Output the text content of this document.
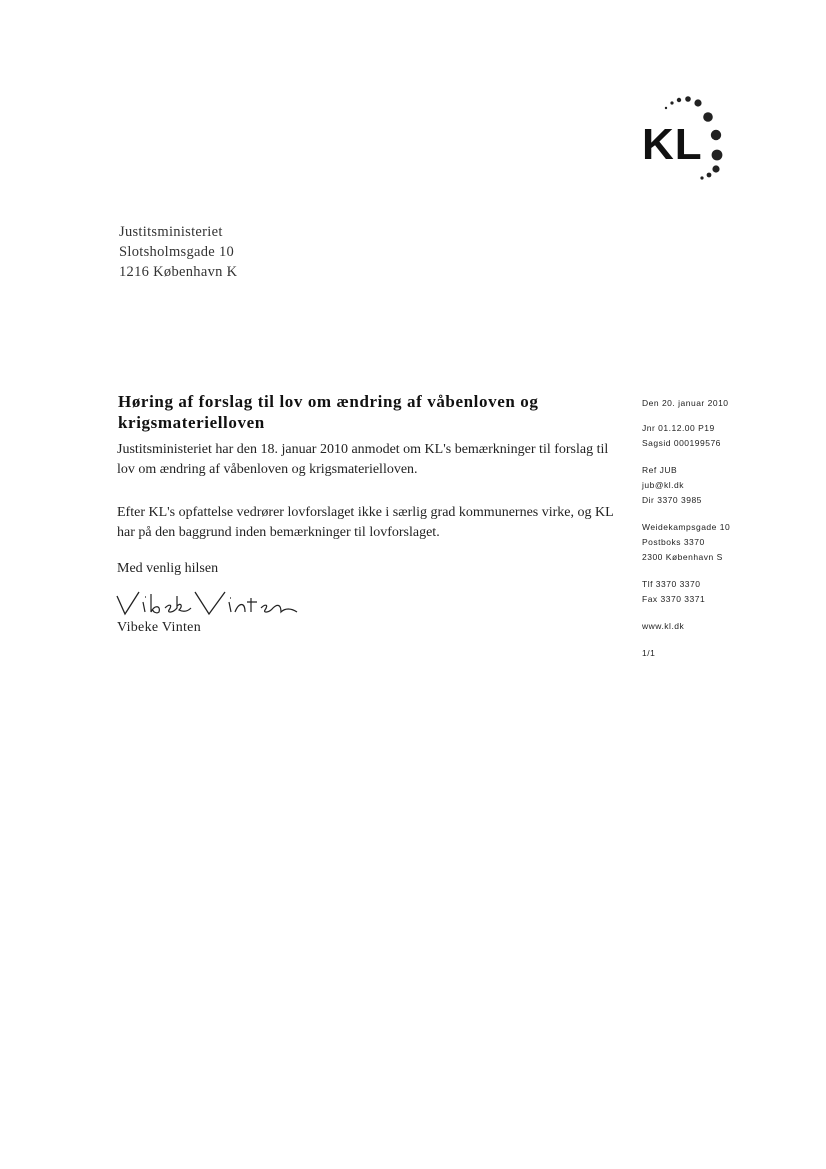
KL
Justitsministeriet
Slotsholmsgade 10
1216 København K
Høring af forslag til lov om ændring af våbenloven og krigsmaterielloven

Justitsministeriet har den 18. januar 2010 anmodet om KL's bemærkninger til forslag til lov om ændring af våbenloven og krigsmaterielloven.

Efter KL's opfattelse vedrører lovforslaget ikke i særlig grad kommunernes virke, og KL har på den baggrund inden bemærkninger til lovforslaget.

Med venlig hilsen

Vibeke Vinten
Den 20. januar 2010
Jnr 01.12.00 P19
Sagsid 000199576
Ref JUB
jub@kl.dk
Dir 3370 3985
Weidekampsgade 10
Postboks 3370
2300 København S
Tlf 3370 3370
Fax 3370 3371
www.kl.dk
1/1
